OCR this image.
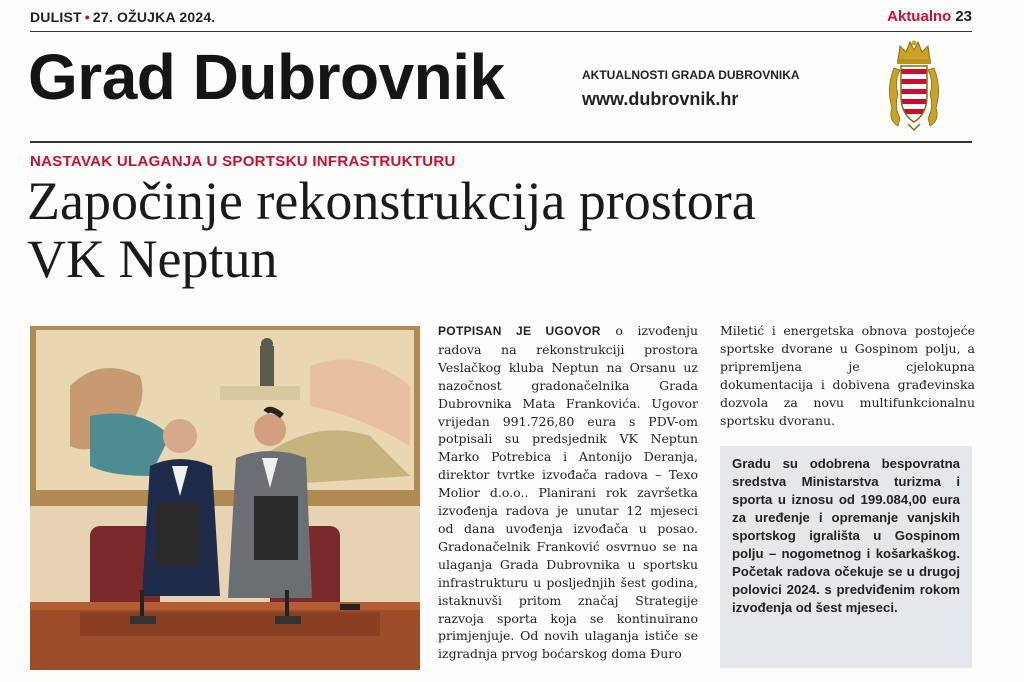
DULIST • 27. OŽUJKA 2024.	Aktualno 23
Grad Dubrovnik	AKTUALNOSTI GRADA DUBROVNIKA
www.dubrovnik.hr
NASTAVAK ULAGANJA U SPORTSKU INFRASTRUKTURU
Započinje rekonstrukcija prostora
VK Neptun
POTPISAN JE UGOVOR o izvođenju radova na rekonstrukciji prostora Veslačkog kluba Neptun na Orsanu uz nazočnost gradonačelnika Grada Dubrovnika Mata Frankovića. Ugovor vrijedan 991.726,80 eura s PDV-om potpisali su predsjednik VK Neptun Marko Potrebica i Antonijo Deranja, direktor tvrtke izvođača radova – Texo Molior d.o.o.. Planirani rok završetka izvođenja radova je unutar 12 mjeseci od dana uvođenja izvođača u posao. Gradonačelnik Franković osvrnuo se na ulaganja Grada Dubrovnika u sportsku infrastrukturu u posljednjih šest godina, istaknuvši pritom značaj Strategije razvoja sporta koja se kontinuirano primjenjuje. Od novih ulaganja ističe se izgradnja prvog boćarskog doma Đuro
Miletić i energetska obnova postojeće sportske dvorane u Gospinom polju, a pripremljena je cjelokupna dokumentacija i dobivena građevinska dozvola za novu multifunkcionalnu sportsku dvoranu.

Gradu su odobrena bespovratna sredstva Ministarstva turizma i sporta u iznosu od 199.084,00 eura za uređenje i opremanje vanjskih sportskog igrališta u Gospinom polju – nogometnog i košarkaškog. Početak radova očekuje se u drugoj polovici 2024. s predviđenim rokom izvođenja od šest mjeseci.
